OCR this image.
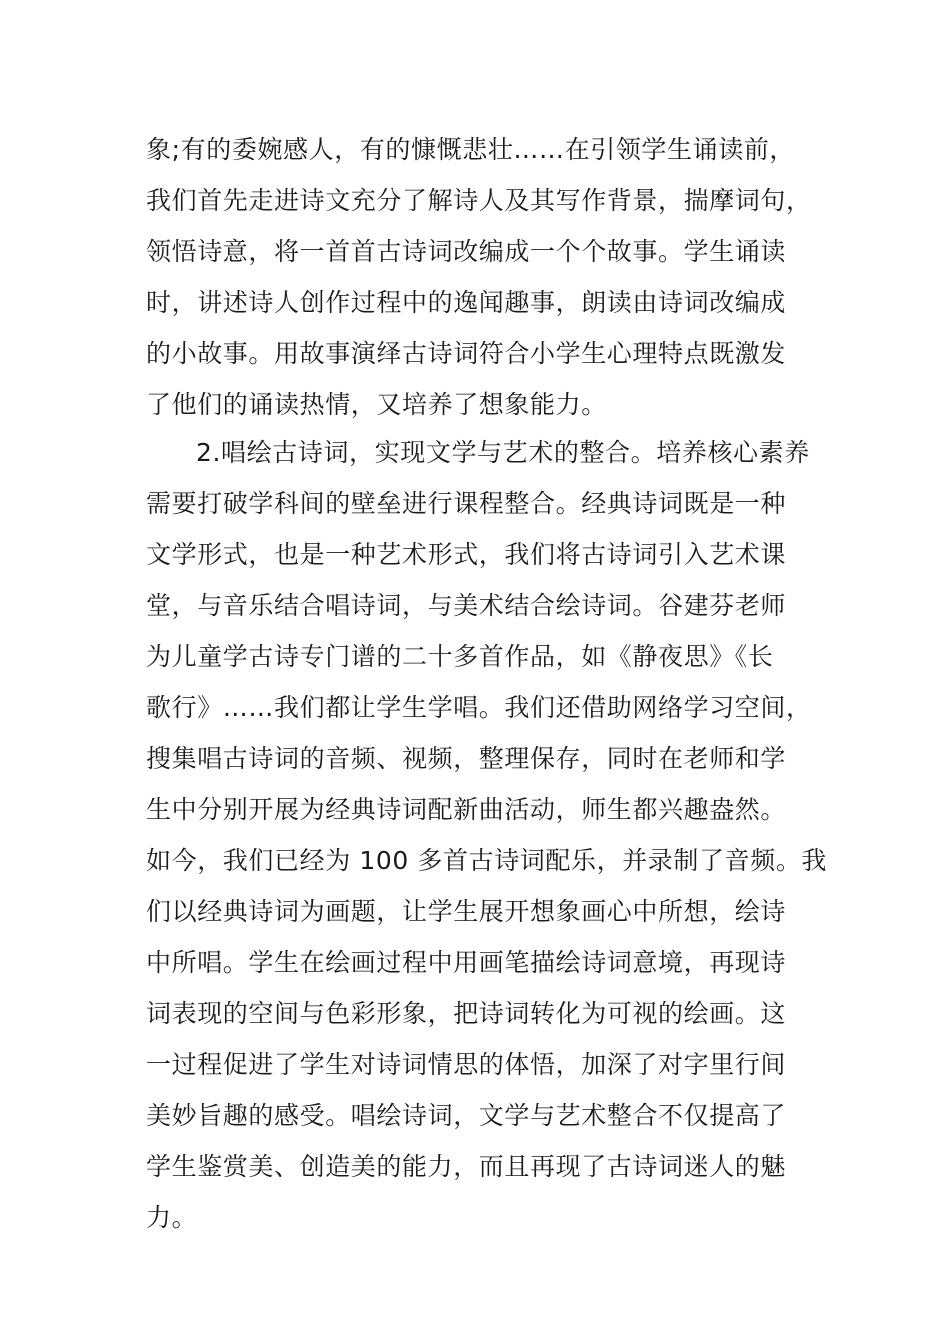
象;有的委婉感人，有的慷慨悲壮……在引领学生诵读前，
我们首先走进诗文充分了解诗人及其写作背景，揣摩词句，
领悟诗意，将一首首古诗词改编成一个个故事。学生诵读
时，讲述诗人创作过程中的逸闻趣事，朗读由诗词改编成
的小故事。用故事演绎古诗词符合小学生心理特点既激发
了他们的诵读热情，又培养了想象能力。
2.唱绘古诗词，实现文学与艺术的整合。培养核心素养
需要打破学科间的壁垒进行课程整合。经典诗词既是一种
文学形式，也是一种艺术形式，我们将古诗词引入艺术课
堂，与音乐结合唱诗词，与美术结合绘诗词。谷建芬老师
为儿童学古诗专门谱的二十多首作品，如《静夜思》《长
歌行》……我们都让学生学唱。我们还借助网络学习空间，
搜集唱古诗词的音频、视频，整理保存，同时在老师和学
生中分别开展为经典诗词配新曲活动，师生都兴趣盎然。
如今，我们已经为 100 多首古诗词配乐，并录制了音频。我
们以经典诗词为画题，让学生展开想象画心中所想，绘诗
中所唱。学生在绘画过程中用画笔描绘诗词意境，再现诗
词表现的空间与色彩形象，把诗词转化为可视的绘画。这
一过程促进了学生对诗词情思的体悟，加深了对字里行间
美妙旨趣的感受。唱绘诗词，文学与艺术整合不仅提高了
学生鉴赏美、创造美的能力，而且再现了古诗词迷人的魅
力。
